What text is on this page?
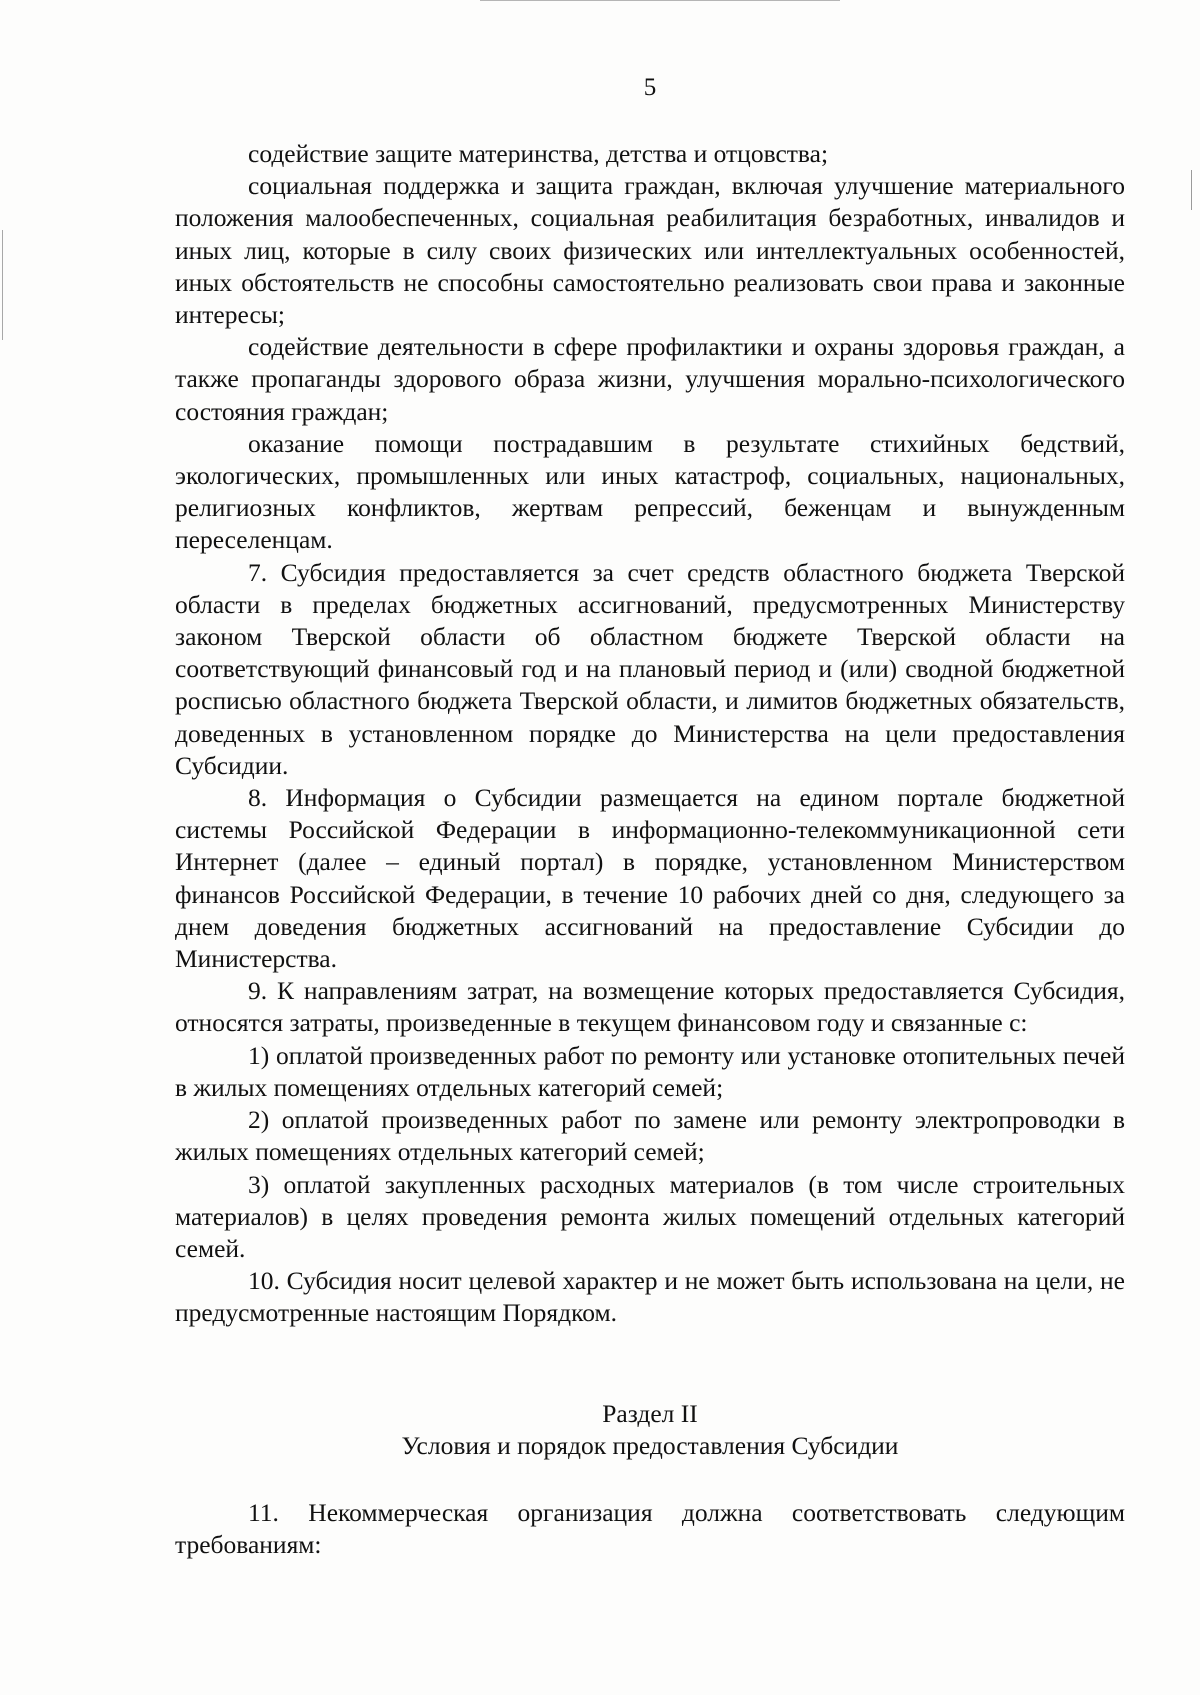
5

содействие защите материнства, детства и отцовства;

социальная поддержка и защита граждан, включая улучшение материального положения малообеспеченных, социальная реабилитация безработных, инвалидов и иных лиц, которые в силу своих физических или интеллектуальных особенностей, иных обстоятельств не способны самостоятельно реализовать свои права и законные интересы;

содействие деятельности в сфере профилактики и охраны здоровья граждан, а также пропаганды здорового образа жизни, улучшения морально-психологического состояния граждан;

оказание помощи пострадавшим в результате стихийных бедствий, экологических, промышленных или иных катастроф, социальных, национальных, религиозных конфликтов, жертвам репрессий, беженцам и вынужденным переселенцам.

7. Субсидия предоставляется за счет средств областного бюджета Тверской области в пределах бюджетных ассигнований, предусмотренных Министерству законом Тверской области об областном бюджете Тверской области на соответствующий финансовый год и на плановый период и (или) сводной бюджетной росписью областного бюджета Тверской области, и лимитов бюджетных обязательств, доведенных в установленном порядке до Министерства на цели предоставления Субсидии.

8. Информация о Субсидии размещается на едином портале бюджетной системы Российской Федерации в информационно-телекоммуникационной сети Интернет (далее – единый портал) в порядке, установленном Министерством финансов Российской Федерации, в течение 10 рабочих дней со дня, следующего за днем доведения бюджетных ассигнований на предоставление Субсидии до Министерства.

9. К направлениям затрат, на возмещение которых предоставляется Субсидия, относятся затраты, произведенные в текущем финансовом году и связанные с:

1) оплатой произведенных работ по ремонту или установке отопительных печей в жилых помещениях отдельных категорий семей;

2) оплатой произведенных работ по замене или ремонту электропроводки в жилых помещениях отдельных категорий семей;

3) оплатой закупленных расходных материалов (в том числе строительных материалов) в целях проведения ремонта жилых помещений отдельных категорий семей.

10. Субсидия носит целевой характер и не может быть использована на цели, не предусмотренные настоящим Порядком.

Раздел II
Условия и порядок предоставления Субсидии

11. Некоммерческая организация должна соответствовать следующим требованиям:
